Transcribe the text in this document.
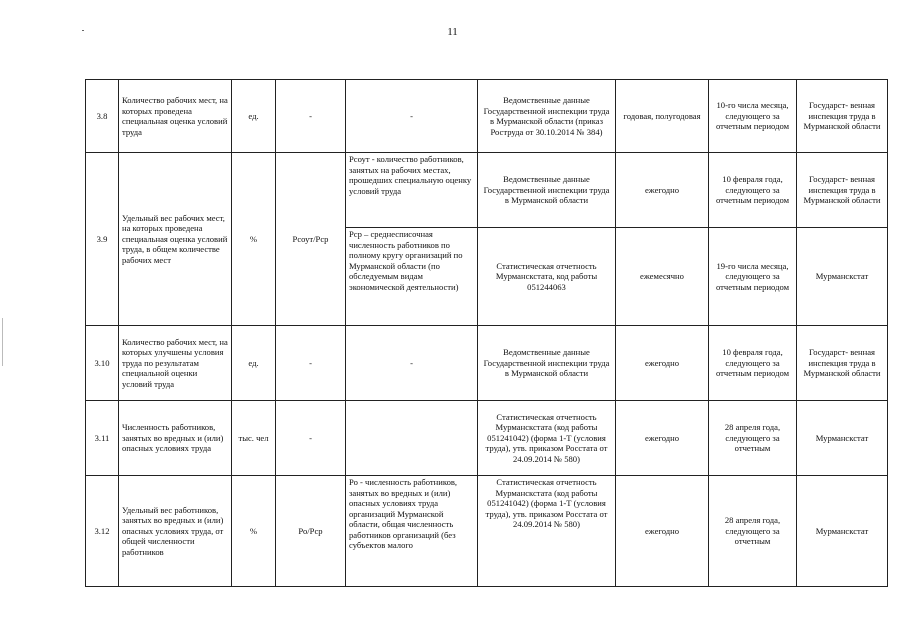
11
3.8	Количество рабочих мест, на которых проведена специальная оценка условий труда	ед.	-	-	Ведомственные данные Государственной инспекции труда в Мурманской области (приказ Роструда от 30.10.2014 № 384)	годовая, полугодовая	10-го числа месяца, следующего за отчетным периодом	Государст- венная инспекция труда в Мурманской области
3.9	Удельный вес рабочих мест, на которых проведена специальная оценка условий труда, в общем количестве рабочих мест	%	Рсоут/Рср	Рсоут - количество работников, занятых на рабочих местах, прошедших специальную оценку условий труда	Ведомственные данные Государственной инспекции труда в Мурманской области	ежегодно	10 февраля года, следующего за отчетным периодом	Государст- венная инспекция труда в Мурманской области
				Рср – среднесписочная численность работников по полному кругу организаций по Мурманской области (по обследуемым видам экономической деятельности)	Статистическая отчетность Мурманскстата, код работы 051244063	ежемесячно	19-го числа месяца, следующего за отчетным периодом	Мурманскстат
3.10	Количество рабочих мест, на которых улучшены условия труда по результатам специальной оценки условий труда	ед.	-	-	Ведомственные данные Государственной инспекции труда в Мурманской области	ежегодно	10 февраля года, следующего за отчетным периодом	Государст- венная инспекция труда в Мурманской области
3.11	Численность работников, занятых во вредных и (или) опасных условиях труда	тыс. чел	-		Статистическая отчетность Мурманскстата (код работы 051241042) (форма 1-Т (условия труда), утв. приказом Росстата от 24.09.2014 № 580)	ежегодно	28 апреля года, следующего за отчетным	Мурманскстат
3.12	Удельный вес работников, занятых во вредных и (или) опасных условиях труда, от общей численности работников	%	Ро/Рср	Ро - численность работников, занятых во вредных и (или) опасных условиях труда организаций Мурманской области, общая численность работников организаций (без субъектов малого	Статистическая отчетность Мурманскстата (код работы 051241042) (форма 1-Т (условия труда), утв. приказом Росстата от 24.09.2014 № 580)	ежегодно	28 апреля года, следующего за отчетным	Мурманскстат
